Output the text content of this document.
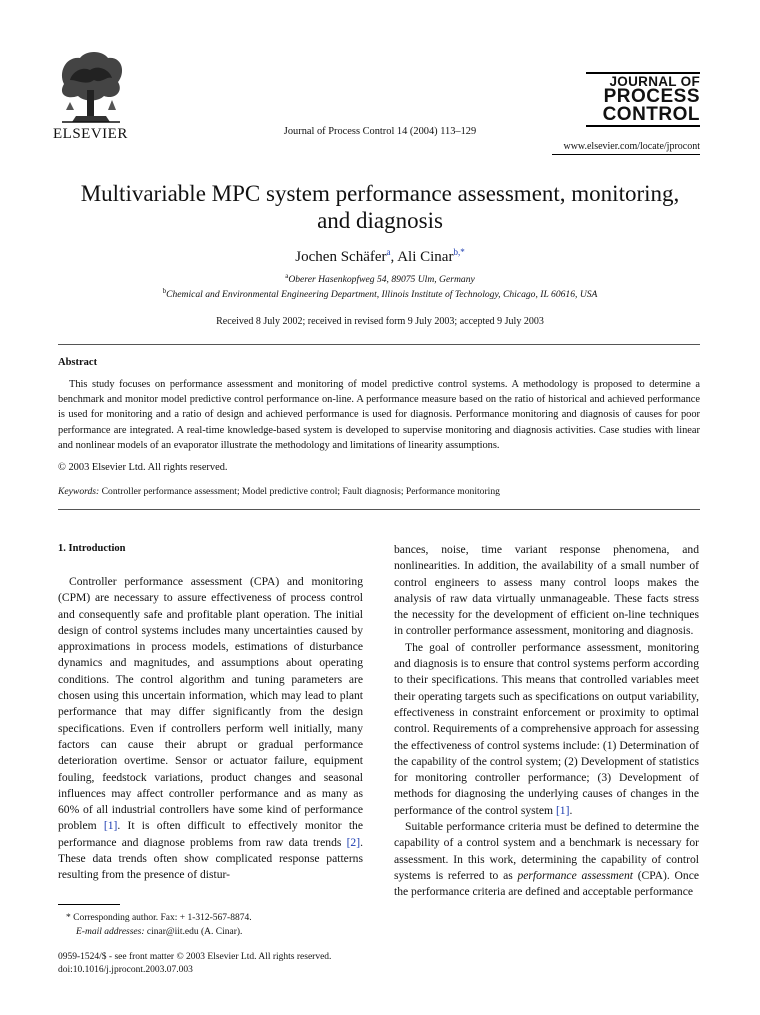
ELSEVIER	Journal of Process Control 14 (2004) 113–129
JOURNAL OF
PROCESS
CONTROL
www.elsevier.com/locate/jprocont
Multivariable MPC system performance assessment, monitoring,
and diagnosis
Jochen Schäfer$^a$, Ali Cinar$^{b,*}$
$^a$Oberer Hasenkopfweg 54, 89075 Ulm, Germany
$^b$Chemical and Environmental Engineering Department, Illinois Institute of Technology, Chicago, IL 60616, USA
Received 8 July 2002; received in revised form 9 July 2003; accepted 9 July 2003
Abstract
This study focuses on performance assessment and monitoring of model predictive control systems. A methodology is proposed to determine a benchmark and monitor model predictive control performance on-line. A performance measure based on the ratio of historical and achieved performance is used for monitoring and a ratio of design and achieved performance is used for diagnosis. Performance monitoring and diagnosis of causes for poor performance are integrated. A real-time knowledge-based system is developed to supervise monitoring and diagnosis activities. Case studies with linear and nonlinear models of an evaporator illustrate the methodology and limitations of linearity assumptions.
© 2003 Elsevier Ltd. All rights reserved.
Keywords: Controller performance assessment; Model predictive control; Fault diagnosis; Performance monitoring
1. Introduction

Controller performance assessment (CPA) and monitoring (CPM) are necessary to assure effectiveness of process control and consequently safe and profitable plant operation. The initial design of control systems includes many uncertainties caused by approximations in process models, estimations of disturbance dynamics and magnitudes, and assumptions about operating conditions. The control algorithm and tuning parameters are chosen using this uncertain information, which may lead to plant performance that may differ significantly from the design specifications. Even if controllers perform well initially, many factors can cause their abrupt or gradual performance deterioration overtime. Sensor or actuator failure, equipment fouling, feedstock variations, product changes and seasonal influences may affect controller performance and as many as 60% of all industrial controllers have some kind of performance problem [1]. It is often difficult to effectively monitor the performance and diagnose problems from raw data trends [2]. These data trends often show complicated response patterns resulting from the presence of distur-

bances, noise, time variant response phenomena, and nonlinearities. In addition, the availability of a small number of control engineers to assess many control loops makes the analysis of raw data virtually unmanageable. These facts stress the necessity for the development of efficient on-line techniques in controller performance assessment, monitoring and diagnosis.

The goal of controller performance assessment, monitoring and diagnosis is to ensure that control systems perform according to their specifications. This means that controlled variables meet their operating targets such as specifications on output variability, effectiveness in constraint enforcement or proximity to optimal control. Requirements of a comprehensive approach for assessing the effectiveness of control systems include: (1) Determination of the capability of the control system; (2) Development of statistics for monitoring controller performance; (3) Development of methods for diagnosing the underlying causes of changes in the performance of the control system [1].

Suitable performance criteria must be defined to determine the capability of a control system and a benchmark is necessary for assessment. In this work, determining the capability of control systems is referred to as performance assessment (CPA). Once the performance criteria are defined and acceptable performance

* Corresponding author. Fax: + 1-312-567-8874.
E-mail addresses: cinar@iit.edu (A. Cinar).
0959-1524/$ - see front matter © 2003 Elsevier Ltd. All rights reserved.
doi:10.1016/j.jprocont.2003.07.003
